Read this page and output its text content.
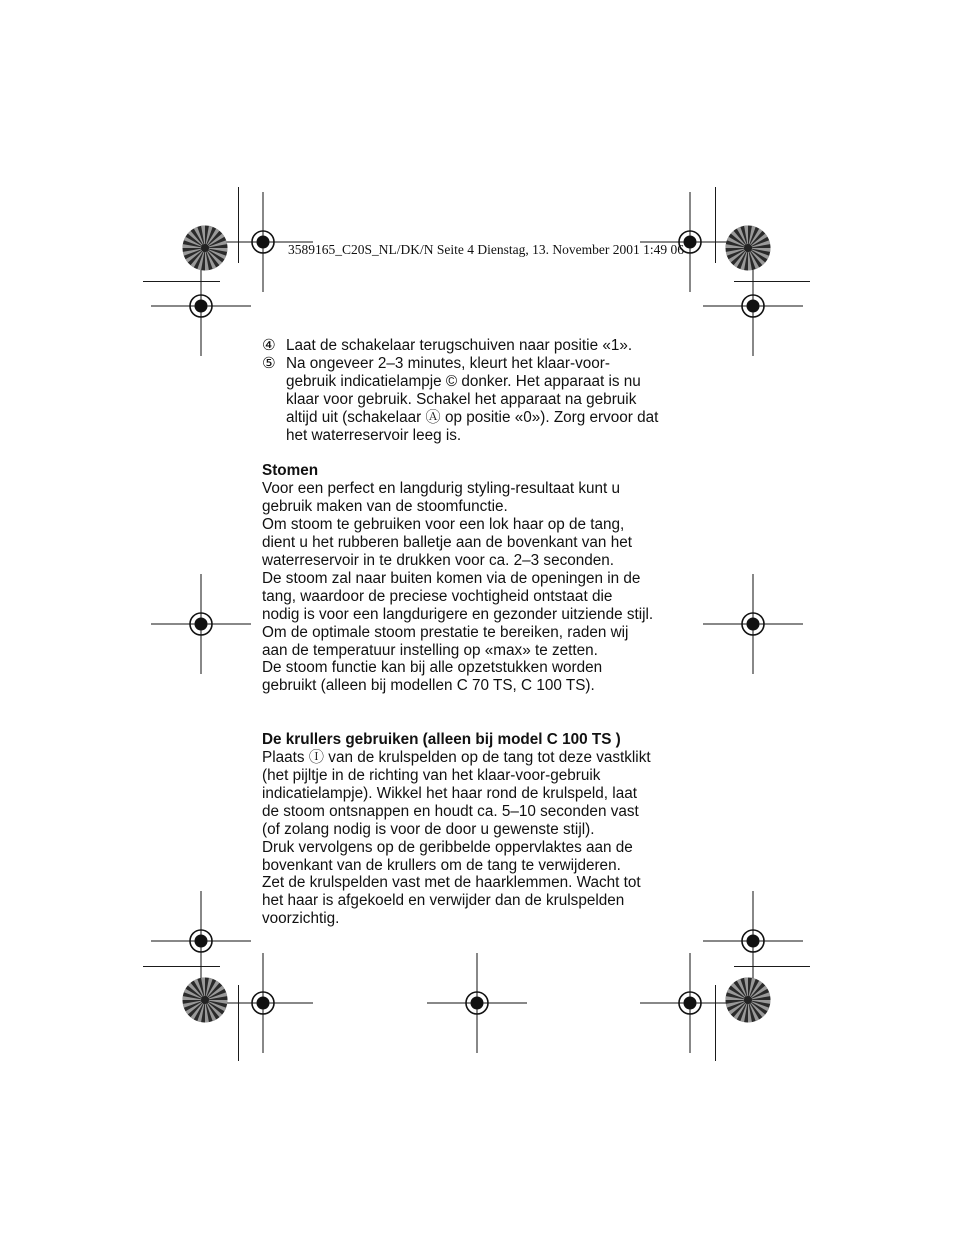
3589165_C20S_NL/DK/N Seite 4 Dienstag, 13. November 2001 1:49 06
④ Laat de schakelaar terugschuiven naar positie «1».
⑤ Na ongeveer 2–3 minutes, kleurt het klaar-voor-
gebruik indicatielampje © donker. Het apparaat is nu
klaar voor gebruik. Schakel het apparaat na gebruik
altijd uit (schakelaar Ⓐ op positie «0»). Zorg ervoor dat
het waterreservoir leeg is.
Stomen
Voor een perfect en langdurig styling-resultaat kunt u
gebruik maken van de stoomfunctie.
Om stoom te gebruiken voor een lok haar op de tang,
dient u het rubberen balletje aan de bovenkant van het
waterreservoir in te drukken voor ca. 2–3 seconden.
De stoom zal naar buiten komen via de openingen in de
tang, waardoor de preciese vochtigheid ontstaat die
nodig is voor een langdurigere en gezonder uitziende stijl.
Om de optimale stoom prestatie te bereiken, raden wij
aan de temperatuur instelling op «max» te zetten.
De stoom functie kan bij alle opzetstukken worden
gebruikt (alleen bij modellen C 70 TS, C 100 TS).
De krullers gebruiken (alleen bij model C 100 TS )
Plaats Ⓘ van de krulspelden op de tang tot deze vastklikt
(het pijltje in de richting van het klaar-voor-gebruik
indicatielampje). Wikkel het haar rond de krulspeld, laat
de stoom ontsnappen en houdt ca. 5–10 seconden vast
(of zolang nodig is voor de door u gewenste stijl).
Druk vervolgens op de geribbelde oppervlaktes aan de
bovenkant van de krullers om de tang te verwijderen.
Zet de krulspelden vast met de haarklemmen. Wacht tot
het haar is afgekoeld en verwijder dan de krulspelden
voorzichtig.
